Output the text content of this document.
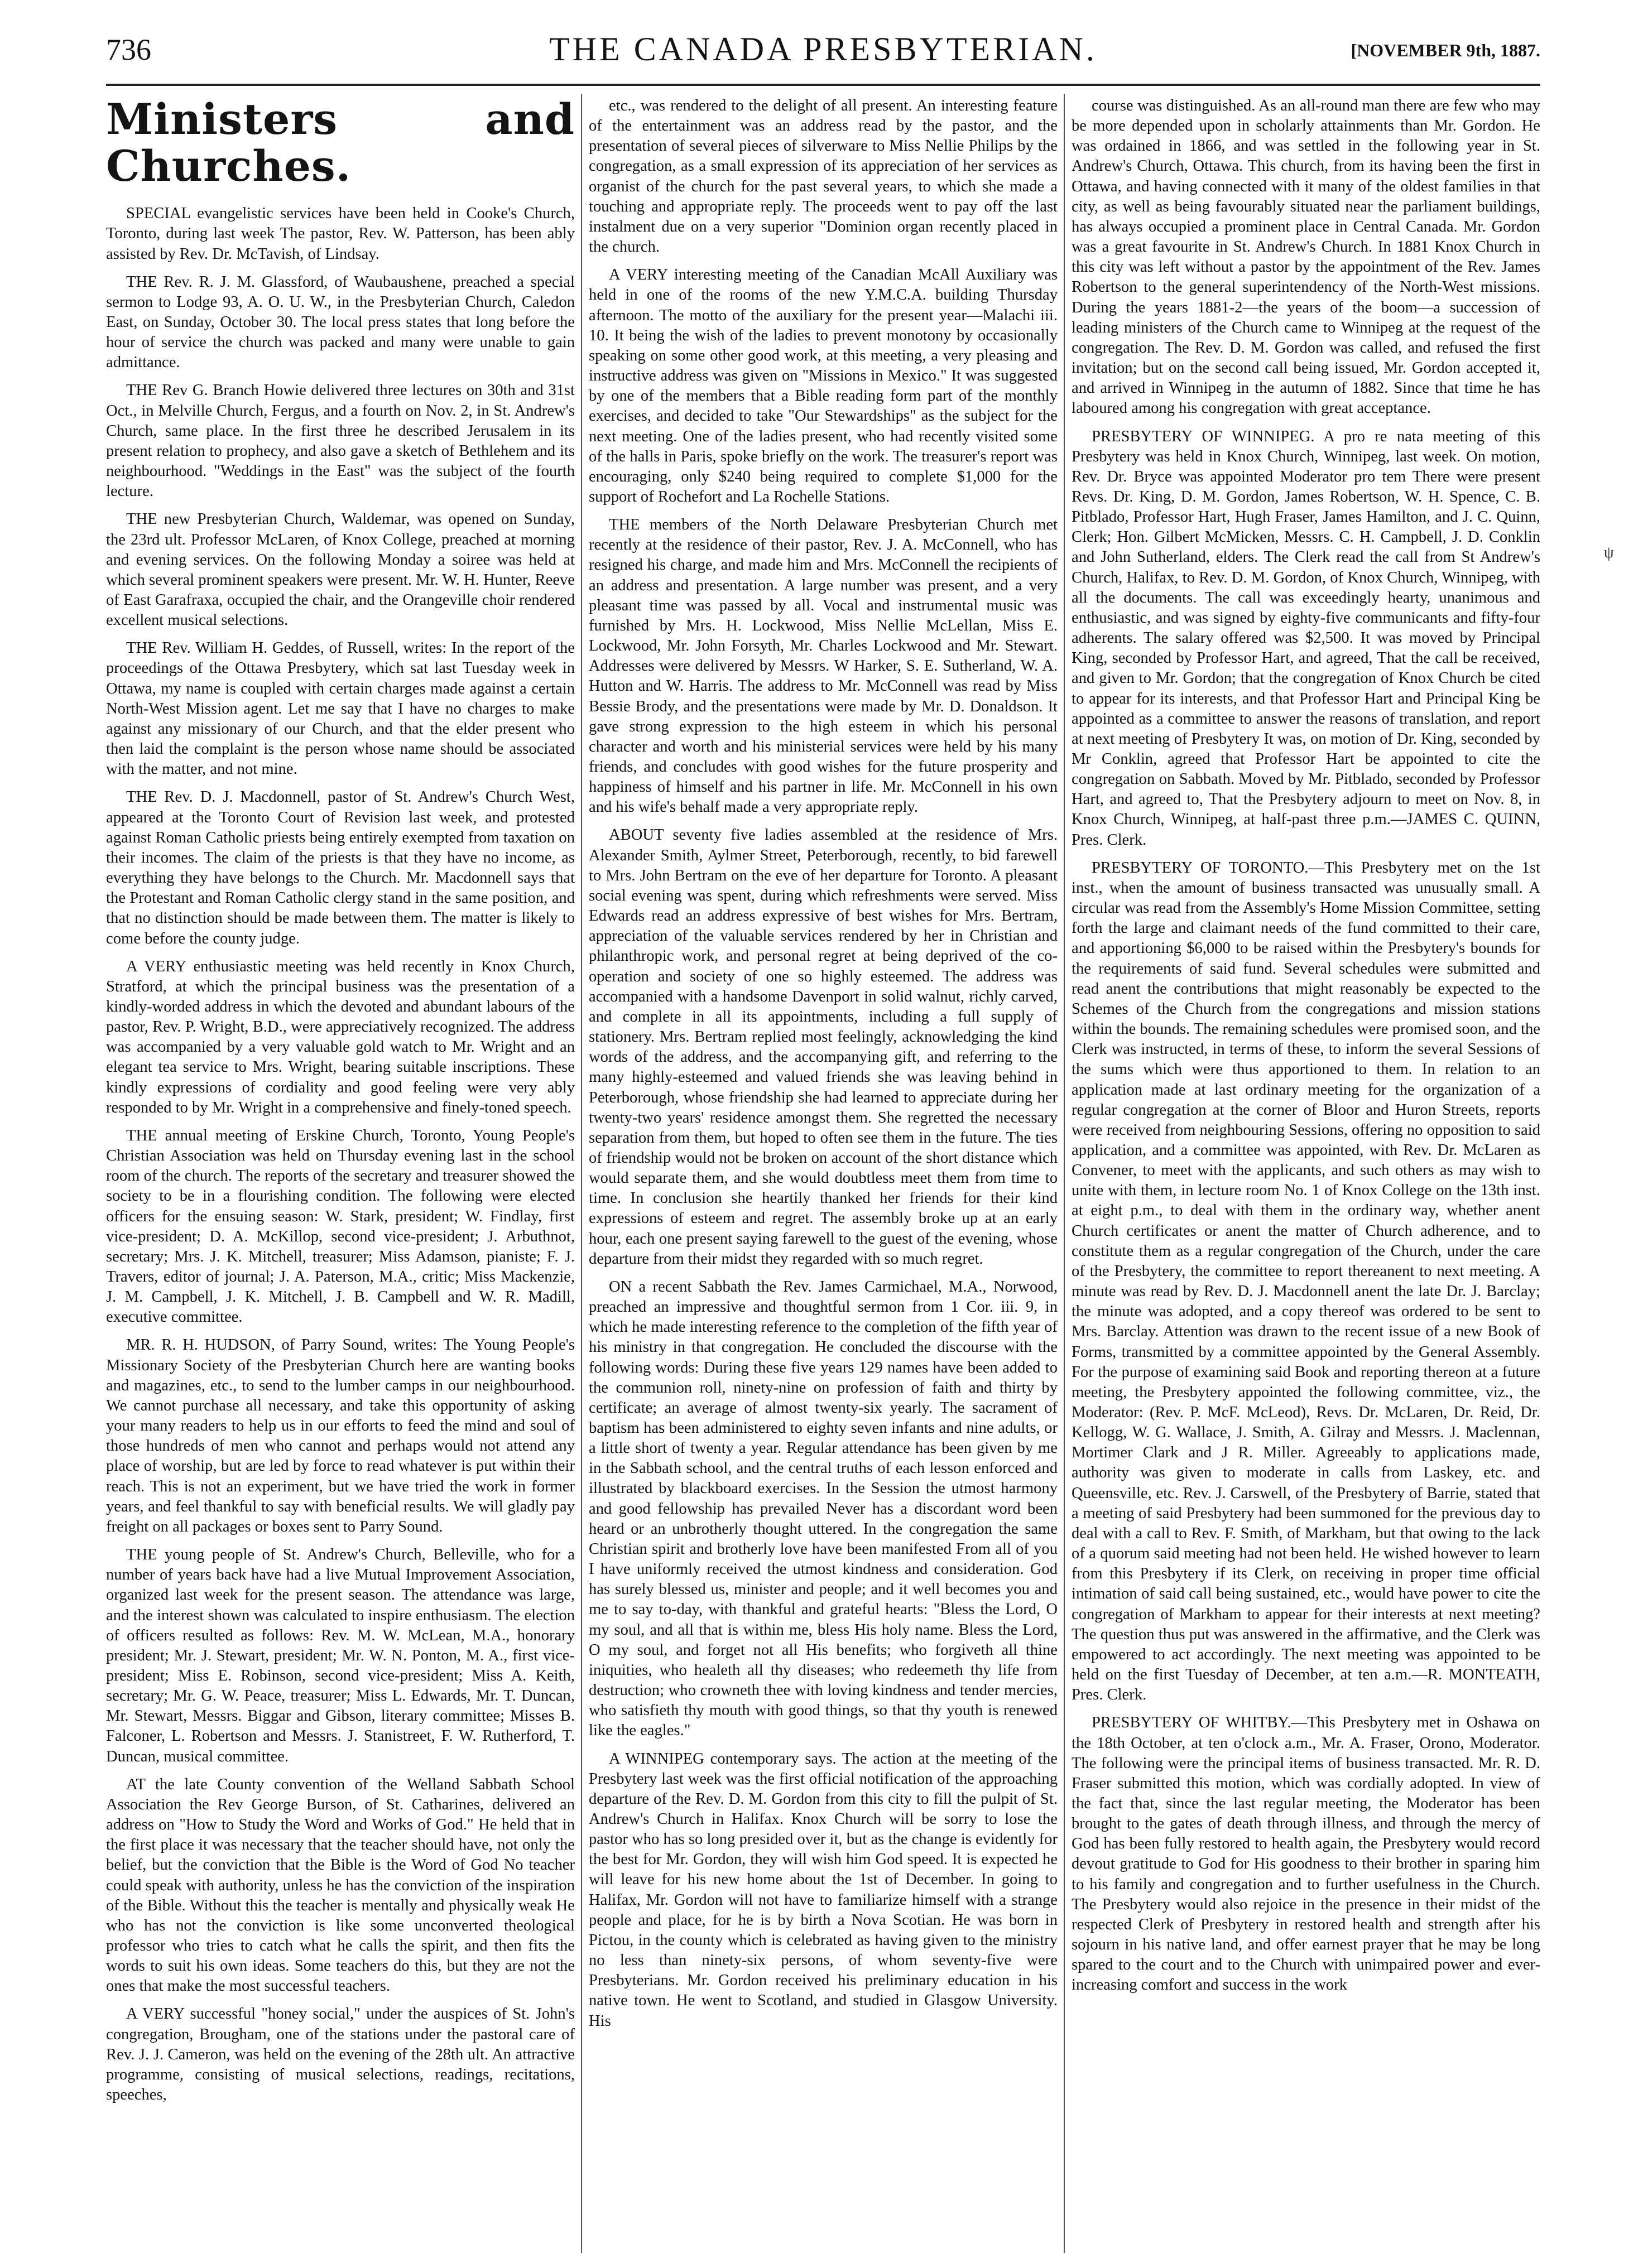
736	THE CANADA PRESBYTERIAN.	[NOVEMBER 9th, 1887.
Ministers and Churches.

SPECIAL evangelistic services have been held in Cooke's Church, Toronto, during last week The pastor, Rev. W. Patterson, has been ably assisted by Rev. Dr. McTavish, of Lindsay.

THE Rev. R. J. M. Glassford, of Waubaushene, preached a special sermon to Lodge 93, A. O. U. W., in the Presbyterian Church, Caledon East, on Sunday, October 30. The local press states that long before the hour of service the church was packed and many were unable to gain admittance.

THE Rev G. Branch Howie delivered three lectures on 30th and 31st Oct., in Melville Church, Fergus, and a fourth on Nov. 2, in St. Andrew's Church, same place. In the first three he described Jerusalem in its present relation to prophecy, and also gave a sketch of Bethlehem and its neighbourhood. "Weddings in the East" was the subject of the fourth lecture.

THE new Presbyterian Church, Waldemar, was opened on Sunday, the 23rd ult. Professor McLaren, of Knox College, preached at morning and evening services. On the following Monday a soiree was held at which several prominent speakers were present. Mr. W. H. Hunter, Reeve of East Garafraxa, occupied the chair, and the Orangeville choir rendered excellent musical selections.

THE Rev. William H. Geddes, of Russell, writes: In the report of the proceedings of the Ottawa Presbytery, which sat last Tuesday week in Ottawa, my name is coupled with certain charges made against a certain North-West Mission agent. Let me say that I have no charges to make against any missionary of our Church, and that the elder present who then laid the complaint is the person whose name should be associated with the matter, and not mine.

THE Rev. D. J. Macdonnell, pastor of St. Andrew's Church West, appeared at the Toronto Court of Revision last week, and protested against Roman Catholic priests being entirely exempted from taxation on their incomes. The claim of the priests is that they have no income, as everything they have belongs to the Church. Mr. Macdonnell says that the Protestant and Roman Catholic clergy stand in the same position, and that no distinction should be made between them. The matter is likely to come before the county judge.

A VERY enthusiastic meeting was held recently in Knox Church, Stratford, at which the principal business was the presentation of a kindly-worded address in which the devoted and abundant labours of the pastor, Rev. P. Wright, B.D., were appreciatively recognized. The address was accompanied by a very valuable gold watch to Mr. Wright and an elegant tea service to Mrs. Wright, bearing suitable inscriptions. These kindly expressions of cordiality and good feeling were very ably responded to by Mr. Wright in a comprehensive and finely-toned speech.

THE annual meeting of Erskine Church, Toronto, Young People's Christian Association was held on Thursday evening last in the school room of the church. The reports of the secretary and treasurer showed the society to be in a flourishing condition. The following were elected officers for the ensuing season: W. Stark, president; W. Findlay, first vice-president; D. A. McKillop, second vice-president; J. Arbuthnot, secretary; Mrs. J. K. Mitchell, treasurer; Miss Adamson, pianiste; F. J. Travers, editor of journal; J. A. Paterson, M.A., critic; Miss Mackenzie, J. M. Campbell, J. K. Mitchell, J. B. Campbell and W. R. Madill, executive committee.

MR. R. H. HUDSON, of Parry Sound, writes: The Young People's Missionary Society of the Presbyterian Church here are wanting books and magazines, etc., to send to the lumber camps in our neighbourhood. We cannot purchase all necessary, and take this opportunity of asking your many readers to help us in our efforts to feed the mind and soul of those hundreds of men who cannot and perhaps would not attend any place of worship, but are led by force to read whatever is put within their reach. This is not an experiment, but we have tried the work in former years, and feel thankful to say with beneficial results. We will gladly pay freight on all packages or boxes sent to Parry Sound.

THE young people of St. Andrew's Church, Belleville, who for a number of years back have had a live Mutual Improvement Association, organized last week for the present season. The attendance was large, and the interest shown was calculated to inspire enthusiasm. The election of officers resulted as follows: Rev. M. W. McLean, M.A., honorary president; Mr. J. Stewart, president; Mr. W. N. Ponton, M. A., first vice-president; Miss E. Robinson, second vice-president; Miss A. Keith, secretary; Mr. G. W. Peace, treasurer; Miss L. Edwards, Mr. T. Duncan, Mr. Stewart, Messrs. Biggar and Gibson, literary committee; Misses B. Falconer, L. Robertson and Messrs. J. Stanistreet, F. W. Rutherford, T. Duncan, musical committee.

AT the late County convention of the Welland Sabbath School Association the Rev George Burson, of St. Catharines, delivered an address on "How to Study the Word and Works of God." He held that in the first place it was necessary that the teacher should have, not only the belief, but the conviction that the Bible is the Word of God No teacher could speak with authority, unless he has the conviction of the inspiration of the Bible. Without this the teacher is mentally and physically weak He who has not the conviction is like some unconverted theological professor who tries to catch what he calls the spirit, and then fits the words to suit his own ideas. Some teachers do this, but they are not the ones that make the most successful teachers.

A VERY successful "honey social," under the auspices of St. John's congregation, Brougham, one of the stations under the pastoral care of Rev. J. J. Cameron, was held on the evening of the 28th ult. An attractive programme, consisting of musical selections, readings, recitations, speeches,

etc., was rendered to the delight of all present. An interesting feature of the entertainment was an address read by the pastor, and the presentation of several pieces of silverware to Miss Nellie Philips by the congregation, as a small expression of its appreciation of her services as organist of the church for the past several years, to which she made a touching and appropriate reply. The proceeds went to pay off the last instalment due on a very superior "Dominion organ recently placed in the church.

A VERY interesting meeting of the Canadian McAll Auxiliary was held in one of the rooms of the new Y.M.C.A. building Thursday afternoon. The motto of the auxiliary for the present year—Malachi iii. 10. It being the wish of the ladies to prevent monotony by occasionally speaking on some other good work, at this meeting, a very pleasing and instructive address was given on "Missions in Mexico." It was suggested by one of the members that a Bible reading form part of the monthly exercises, and decided to take "Our Stewardships" as the subject for the next meeting. One of the ladies present, who had recently visited some of the halls in Paris, spoke briefly on the work. The treasurer's report was encouraging, only $240 being required to complete $1,000 for the support of Rochefort and La Rochelle Stations.

THE members of the North Delaware Presbyterian Church met recently at the residence of their pastor, Rev. J. A. McConnell, who has resigned his charge, and made him and Mrs. McConnell the recipients of an address and presentation. A large number was present, and a very pleasant time was passed by all. Vocal and instrumental music was furnished by Mrs. H. Lockwood, Miss Nellie McLellan, Miss E. Lockwood, Mr. John Forsyth, Mr. Charles Lockwood and Mr. Stewart. Addresses were delivered by Messrs. W Harker, S. E. Sutherland, W. A. Hutton and W. Harris. The address to Mr. McConnell was read by Miss Bessie Brody, and the presentations were made by Mr. D. Donaldson. It gave strong expression to the high esteem in which his personal character and worth and his ministerial services were held by his many friends, and concludes with good wishes for the future prosperity and happiness of himself and his partner in life. Mr. McConnell in his own and his wife's behalf made a very appropriate reply.

ABOUT seventy five ladies assembled at the residence of Mrs. Alexander Smith, Aylmer Street, Peterborough, recently, to bid farewell to Mrs. John Bertram on the eve of her departure for Toronto. A pleasant social evening was spent, during which refreshments were served. Miss Edwards read an address expressive of best wishes for Mrs. Bertram, appreciation of the valuable services rendered by her in Christian and philanthropic work, and personal regret at being deprived of the co-operation and society of one so highly esteemed. The address was accompanied with a handsome Davenport in solid walnut, richly carved, and complete in all its appointments, including a full supply of stationery. Mrs. Bertram replied most feelingly, acknowledging the kind words of the address, and the accompanying gift, and referring to the many highly-esteemed and valued friends she was leaving behind in Peterborough, whose friendship she had learned to appreciate during her twenty-two years' residence amongst them. She regretted the necessary separation from them, but hoped to often see them in the future. The ties of friendship would not be broken on account of the short distance which would separate them, and she would doubtless meet them from time to time. In conclusion she heartily thanked her friends for their kind expressions of esteem and regret. The assembly broke up at an early hour, each one present saying farewell to the guest of the evening, whose departure from their midst they regarded with so much regret.

ON a recent Sabbath the Rev. James Carmichael, M.A., Norwood, preached an impressive and thoughtful sermon from 1 Cor. iii. 9, in which he made interesting reference to the completion of the fifth year of his ministry in that congregation. He concluded the discourse with the following words: During these five years 129 names have been added to the communion roll, ninety-nine on profession of faith and thirty by certificate; an average of almost twenty-six yearly. The sacrament of baptism has been administered to eighty seven infants and nine adults, or a little short of twenty a year. Regular attendance has been given by me in the Sabbath school, and the central truths of each lesson enforced and illustrated by blackboard exercises. In the Session the utmost harmony and good fellowship has prevailed Never has a discordant word been heard or an unbrotherly thought uttered. In the congregation the same Christian spirit and brotherly love have been manifested From all of you I have uniformly received the utmost kindness and consideration. God has surely blessed us, minister and people; and it well becomes you and me to say to-day, with thankful and grateful hearts: "Bless the Lord, O my soul, and all that is within me, bless His holy name. Bless the Lord, O my soul, and forget not all His benefits; who forgiveth all thine iniquities, who healeth all thy diseases; who redeemeth thy life from destruction; who crowneth thee with loving kindness and tender mercies, who satisfieth thy mouth with good things, so that thy youth is renewed like the eagles."

A WINNIPEG contemporary says. The action at the meeting of the Presbytery last week was the first official notification of the approaching departure of the Rev. D. M. Gordon from this city to fill the pulpit of St. Andrew's Church in Halifax. Knox Church will be sorry to lose the pastor who has so long presided over it, but as the change is evidently for the best for Mr. Gordon, they will wish him God speed. It is expected he will leave for his new home about the 1st of December. In going to Halifax, Mr. Gordon will not have to familiarize himself with a strange people and place, for he is by birth a Nova Scotian. He was born in Pictou, in the county which is celebrated as having given to the ministry no less than ninety-six persons, of whom seventy-five were Presbyterians. Mr. Gordon received his preliminary education in his native town. He went to Scotland, and studied in Glasgow University. His

course was distinguished. As an all-round man there are few who may be more depended upon in scholarly attainments than Mr. Gordon. He was ordained in 1866, and was settled in the following year in St. Andrew's Church, Ottawa. This church, from its having been the first in Ottawa, and having connected with it many of the oldest families in that city, as well as being favourably situated near the parliament buildings, has always occupied a prominent place in Central Canada. Mr. Gordon was a great favourite in St. Andrew's Church. In 1881 Knox Church in this city was left without a pastor by the appointment of the Rev. James Robertson to the general superintendency of the North-West missions. During the years 1881-2—the years of the boom—a succession of leading ministers of the Church came to Winnipeg at the request of the congregation. The Rev. D. M. Gordon was called, and refused the first invitation; but on the second call being issued, Mr. Gordon accepted it, and arrived in Winnipeg in the autumn of 1882. Since that time he has laboured among his congregation with great acceptance.

PRESBYTERY OF WINNIPEG. A pro re nata meeting of this Presbytery was held in Knox Church, Winnipeg, last week. On motion, Rev. Dr. Bryce was appointed Moderator pro tem There were present Revs. Dr. King, D. M. Gordon, James Robertson, W. H. Spence, C. B. Pitblado, Professor Hart, Hugh Fraser, James Hamilton, and J. C. Quinn, Clerk; Hon. Gilbert McMicken, Messrs. C. H. Campbell, J. D. Conklin and John Sutherland, elders. The Clerk read the call from St Andrew's Church, Halifax, to Rev. D. M. Gordon, of Knox Church, Winnipeg, with all the documents. The call was exceedingly hearty, unanimous and enthusiastic, and was signed by eighty-five communicants and fifty-four adherents. The salary offered was $2,500. It was moved by Principal King, seconded by Professor Hart, and agreed, That the call be received, and given to Mr. Gordon; that the congregation of Knox Church be cited to appear for its interests, and that Professor Hart and Principal King be appointed as a committee to answer the reasons of translation, and report at next meeting of Presbytery It was, on motion of Dr. King, seconded by Mr Conklin, agreed that Professor Hart be appointed to cite the congregation on Sabbath. Moved by Mr. Pitblado, seconded by Professor Hart, and agreed to, That the Presbytery adjourn to meet on Nov. 8, in Knox Church, Winnipeg, at half-past three p.m.—JAMES C. QUINN, Pres. Clerk.

PRESBYTERY OF TORONTO.—This Presbytery met on the 1st inst., when the amount of business transacted was unusually small. A circular was read from the Assembly's Home Mission Committee, setting forth the large and claimant needs of the fund committed to their care, and apportioning $6,000 to be raised within the Presbytery's bounds for the requirements of said fund. Several schedules were submitted and read anent the contributions that might reasonably be expected to the Schemes of the Church from the congregations and mission stations within the bounds. The remaining schedules were promised soon, and the Clerk was instructed, in terms of these, to inform the several Sessions of the sums which were thus apportioned to them. In relation to an application made at last ordinary meeting for the organization of a regular congregation at the corner of Bloor and Huron Streets, reports were received from neighbouring Sessions, offering no opposition to said application, and a committee was appointed, with Rev. Dr. McLaren as Convener, to meet with the applicants, and such others as may wish to unite with them, in lecture room No. 1 of Knox College on the 13th inst. at eight p.m., to deal with them in the ordinary way, whether anent Church certificates or anent the matter of Church adherence, and to constitute them as a regular congregation of the Church, under the care of the Presbytery, the committee to report thereanent to next meeting. A minute was read by Rev. D. J. Macdonnell anent the late Dr. J. Barclay; the minute was adopted, and a copy thereof was ordered to be sent to Mrs. Barclay. Attention was drawn to the recent issue of a new Book of Forms, transmitted by a committee appointed by the General Assembly. For the purpose of examining said Book and reporting thereon at a future meeting, the Presbytery appointed the following committee, viz., the Moderator: (Rev. P. McF. McLeod), Revs. Dr. McLaren, Dr. Reid, Dr. Kellogg, W. G. Wallace, J. Smith, A. Gilray and Messrs. J. Maclennan, Mortimer Clark and J R. Miller. Agreeably to applications made, authority was given to moderate in calls from Laskey, etc. and Queensville, etc. Rev. J. Carswell, of the Presbytery of Barrie, stated that a meeting of said Presbytery had been summoned for the previous day to deal with a call to Rev. F. Smith, of Markham, but that owing to the lack of a quorum said meeting had not been held. He wished however to learn from this Presbytery if its Clerk, on receiving in proper time official intimation of said call being sustained, etc., would have power to cite the congregation of Markham to appear for their interests at next meeting? The question thus put was answered in the affirmative, and the Clerk was empowered to act accordingly. The next meeting was appointed to be held on the first Tuesday of December, at ten a.m.—R. MONTEATH, Pres. Clerk.

PRESBYTERY OF WHITBY.—This Presbytery met in Oshawa on the 18th October, at ten o'clock a.m., Mr. A. Fraser, Orono, Moderator. The following were the principal items of business transacted. Mr. R. D. Fraser submitted this motion, which was cordially adopted. In view of the fact that, since the last regular meeting, the Moderator has been brought to the gates of death through illness, and through the mercy of God has been fully restored to health again, the Presbytery would record devout gratitude to God for His goodness to their brother in sparing him to his family and congregation and to further usefulness in the Church. The Presbytery would also rejoice in the presence in their midst of the respected Clerk of Presbytery in restored health and strength after his sojourn in his native land, and offer earnest prayer that he may be long spared to the court and to the Church with unimpaired power and ever-increasing comfort and success in the work

ψ
